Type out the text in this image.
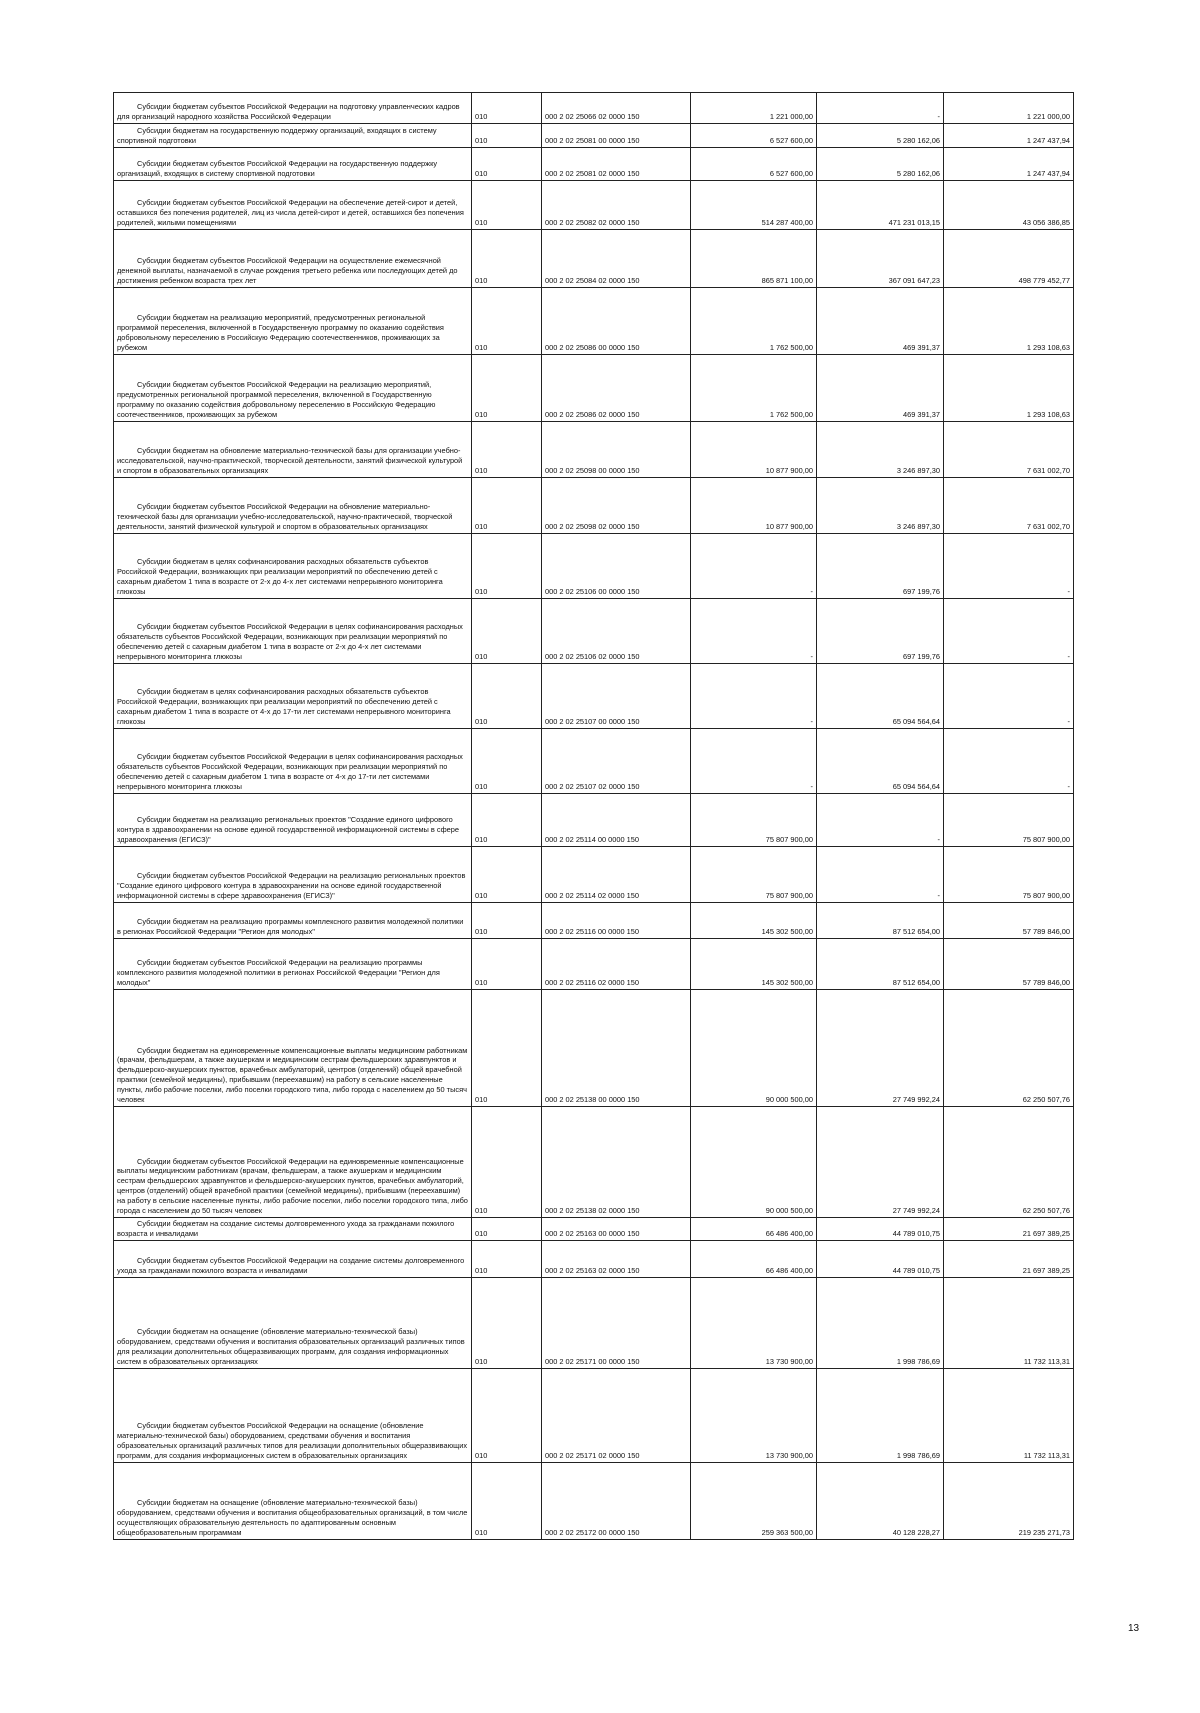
Субсидии бюджетам субъектов Российской Федерации на подготовку управленческих кадров для организаций народного хозяйства Российской Федерации	010	000 2 02 25066 02 0000 150	1 221 000,00	-	1 221 000,00

Субсидии бюджетам на государственную поддержку организаций, входящих в систему спортивной подготовки	010	000 2 02 25081 00 0000 150	6 527 600,00	5 280 162,06	1 247 437,94

Субсидии бюджетам субъектов Российской Федерации на государственную поддержку организаций, входящих в систему спортивной подготовки	010	000 2 02 25081 02 0000 150	6 527 600,00	5 280 162,06	1 247 437,94

Субсидии бюджетам субъектов Российской Федерации на обеспечение детей-сирот и детей, оставшихся без попечения родителей, лиц из числа детей-сирот и детей, оставшихся без попечения родителей, жилыми помещениями	010	000 2 02 25082 02 0000 150	514 287 400,00	471 231 013,15	43 056 386,85

Субсидии бюджетам субъектов Российской Федерации на осуществление ежемесячной денежной выплаты, назначаемой в случае рождения третьего ребенка или последующих детей до достижения ребенком возраста трех лет	010	000 2 02 25084 02 0000 150	865 871 100,00	367 091 647,23	498 779 452,77

Субсидии бюджетам на реализацию мероприятий, предусмотренных региональной программой переселения, включенной в Государственную программу по оказанию содействия добровольному переселению в Российскую Федерацию соотечественников, проживающих за рубежом	010	000 2 02 25086 00 0000 150	1 762 500,00	469 391,37	1 293 108,63

Субсидии бюджетам субъектов Российской Федерации на реализацию мероприятий, предусмотренных региональной программой переселения, включенной в Государственную программу по оказанию содействия добровольному переселению в Российскую Федерацию соотечественников, проживающих за рубежом	010	000 2 02 25086 02 0000 150	1 762 500,00	469 391,37	1 293 108,63

Субсидии бюджетам на обновление материально-технической базы для организации учебно-исследовательской, научно-практической, творческой деятельности, занятий физической культурой и спортом в образовательных организациях	010	000 2 02 25098 00 0000 150	10 877 900,00	3 246 897,30	7 631 002,70

Субсидии бюджетам субъектов Российской Федерации на обновление материально-технической базы для организации учебно-исследовательской, научно-практической, творческой деятельности, занятий физической культурой и спортом в образовательных организациях	010	000 2 02 25098 02 0000 150	10 877 900,00	3 246 897,30	7 631 002,70

Субсидии бюджетам в целях софинансирования расходных обязательств субъектов Российской Федерации, возникающих при реализации мероприятий по обеспечению детей с сахарным диабетом 1 типа в возрасте от 2-х до 4-х лет системами непрерывного мониторинга глюкозы	010	000 2 02 25106 00 0000 150	-	697 199,76	-

Субсидии бюджетам субъектов Российской Федерации в целях софинансирования расходных обязательств субъектов Российской Федерации, возникающих при реализации мероприятий по обеспечению детей с сахарным диабетом 1 типа в возрасте от 2-х до 4-х лет системами непрерывного мониторинга глюкозы	010	000 2 02 25106 02 0000 150	-	697 199,76	-

Субсидии бюджетам в целях софинансирования расходных обязательств субъектов Российской Федерации, возникающих при реализации мероприятий по обеспечению детей с сахарным диабетом 1 типа в возрасте от 4-х до 17-ти лет системами непрерывного мониторинга глюкозы	010	000 2 02 25107 00 0000 150	-	65 094 564,64	-

Субсидии бюджетам субъектов Российской Федерации в целях софинансирования расходных обязательств субъектов Российской Федерации, возникающих при реализации мероприятий по обеспечению детей с сахарным диабетом 1 типа в возрасте от 4-х до 17-ти лет системами непрерывного мониторинга глюкозы	010	000 2 02 25107 02 0000 150	-	65 094 564,64	-

Субсидии бюджетам на реализацию региональных проектов "Создание единого цифрового контура в здравоохранении на основе единой государственной информационной системы в сфере здравоохранения (ЕГИСЗ)"	010	000 2 02 25114 00 0000 150	75 807 900,00	-	75 807 900,00

Субсидии бюджетам субъектов Российской Федерации на реализацию региональных проектов "Создание единого цифрового контура в здравоохранении на основе единой государственной информационной системы в сфере здравоохранения (ЕГИСЗ)"	010	000 2 02 25114 02 0000 150	75 807 900,00	-	75 807 900,00

Субсидии бюджетам на реализацию программы комплексного развития молодежной политики в регионах Российской Федерации "Регион для молодых"	010	000 2 02 25116 00 0000 150	145 302 500,00	87 512 654,00	57 789 846,00

Субсидии бюджетам субъектов Российской Федерации на реализацию программы комплексного развития молодежной политики в регионах Российской Федерации "Регион для молодых"	010	000 2 02 25116 02 0000 150	145 302 500,00	87 512 654,00	57 789 846,00

Субсидии бюджетам на единовременные компенсационные выплаты медицинским работникам (врачам, фельдшерам, а также акушеркам и медицинским сестрам фельдшерских здравпунктов и фельдшерско-акушерских пунктов, врачебных амбулаторий, центров (отделений) общей врачебной практики (семейной медицины), прибывшим (переехавшим) на работу в сельские населенные пункты, либо рабочие поселки, либо поселки городского типа, либо города с населением до 50 тысяч человек	010	000 2 02 25138 00 0000 150	90 000 500,00	27 749 992,24	62 250 507,76

Субсидии бюджетам субъектов Российской Федерации на единовременные компенсационные выплаты медицинским работникам (врачам, фельдшерам, а также акушеркам и медицинским сестрам фельдшерских здравпунктов и фельдшерско-акушерских пунктов, врачебных амбулаторий, центров (отделений) общей врачебной практики (семейной медицины), прибывшим (переехавшим) на работу в сельские населенные пункты, либо рабочие поселки, либо поселки городского типа, либо города с населением до 50 тысяч человек	010	000 2 02 25138 02 0000 150	90 000 500,00	27 749 992,24	62 250 507,76

Субсидии бюджетам на создание системы долговременного ухода за гражданами пожилого возраста и инвалидами	010	000 2 02 25163 00 0000 150	66 486 400,00	44 789 010,75	21 697 389,25

Субсидии бюджетам субъектов Российской Федерации на создание системы долговременного ухода за гражданами пожилого возраста и инвалидами	010	000 2 02 25163 02 0000 150	66 486 400,00	44 789 010,75	21 697 389,25

Субсидии бюджетам на оснащение (обновление материально-технической базы) оборудованием, средствами обучения и воспитания образовательных организаций различных типов для реализации дополнительных общеразвивающих программ, для создания информационных систем в образовательных организациях	010	000 2 02 25171 00 0000 150	13 730 900,00	1 998 786,69	11 732 113,31

Субсидии бюджетам субъектов Российской Федерации на оснащение (обновление материально-технической базы) оборудованием, средствами обучения и воспитания образовательных организаций различных типов для реализации дополнительных общеразвивающих программ, для создания информационных систем в образовательных организациях	010	000 2 02 25171 02 0000 150	13 730 900,00	1 998 786,69	11 732 113,31

Субсидии бюджетам на оснащение (обновление материально-технической базы) оборудованием, средствами обучения и воспитания общеобразовательных организаций, в том числе осуществляющих образовательную деятельность по адаптированным основным общеобразовательным программам	010	000 2 02 25172 00 0000 150	259 363 500,00	40 128 228,27	219 235 271,73
13
